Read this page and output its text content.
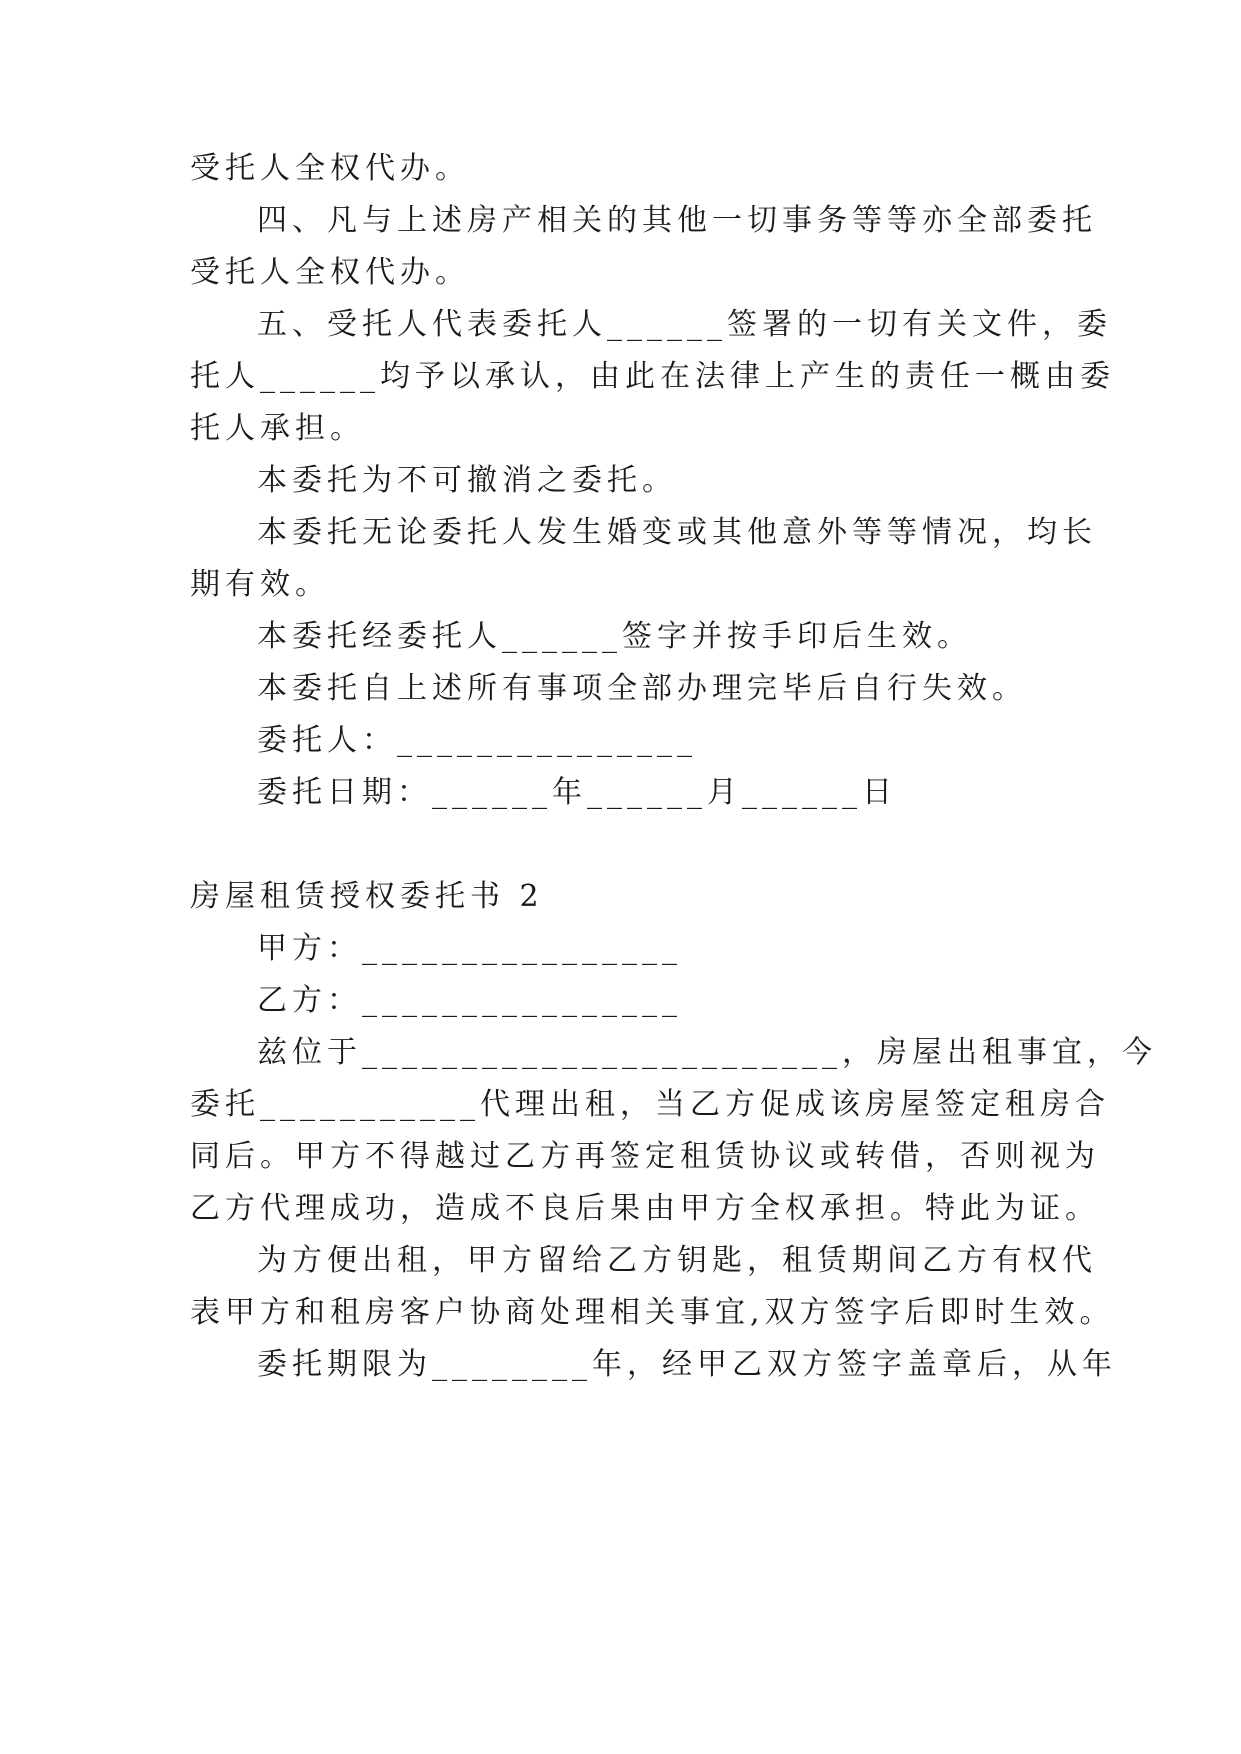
受托人全权代办。
四、凡与上述房产相关的其他一切事务等等亦全部委托
受托人全权代办。
五、受托人代表委托人______签署的一切有关文件，委
托人______均予以承认，由此在法律上产生的责任一概由委
托人承担。
本委托为不可撤消之委托。
本委托无论委托人发生婚变或其他意外等等情况，均长
期有效。
本委托经委托人______签字并按手印后生效。
本委托自上述所有事项全部办理完毕后自行失效。
委托人：_______________
委托日期：______年______月______日
房屋租赁授权委托书 2
甲方：________________
乙方：________________
兹位于________________________，房屋出租事宜，今
委托___________代理出租，当乙方促成该房屋签定租房合
同后。甲方不得越过乙方再签定租赁协议或转借，否则视为
乙方代理成功，造成不良后果由甲方全权承担。特此为证。
为方便出租，甲方留给乙方钥匙，租赁期间乙方有权代
表甲方和租房客户协商处理相关事宜,双方签字后即时生效。
委托期限为________年，经甲乙双方签字盖章后，从年
